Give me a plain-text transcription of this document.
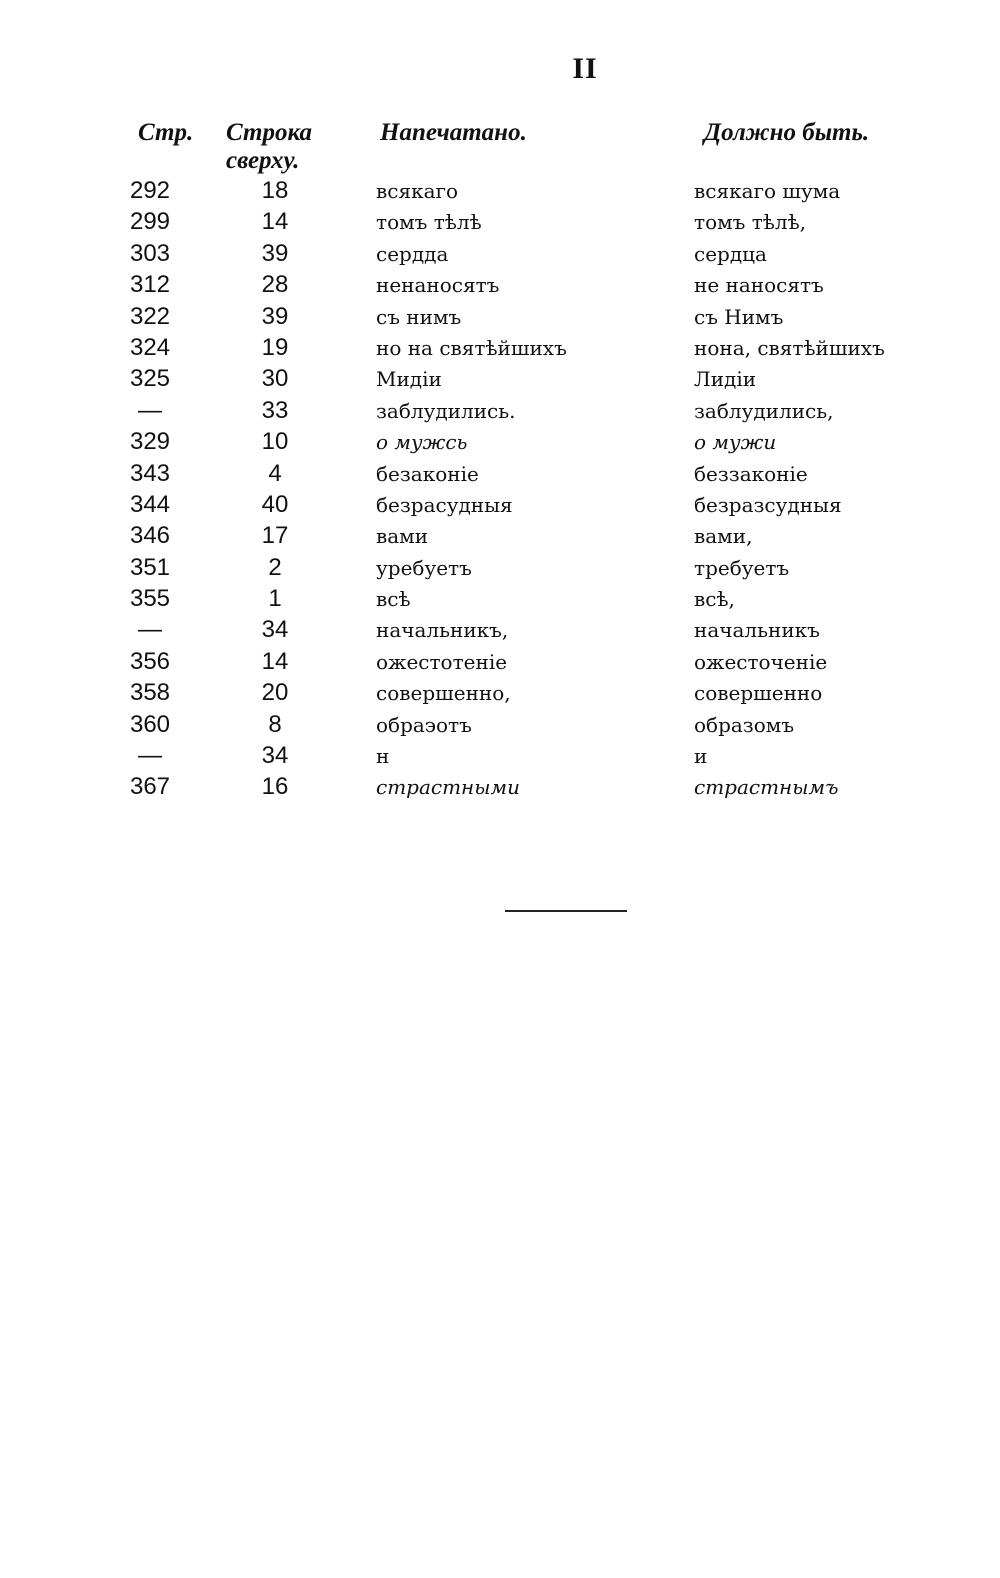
II
Стр. Строка
сверху.
Напечатано.	Должно быть.
292	18	всякаго	всякаго шума
299	14	томъ тѣлѣ	томъ тѣлѣ,
303	39	сердда	сердца
312	28	ненаносятъ	не наносятъ
322	39	съ нимъ	съ Нимъ
324	19	но на святѣйшихъ	нона, святѣйшихъ
325	30	Мидіи	Лидіи
—	33	заблудились.	заблудились,
329	10	о мужсь	о мужи
343	4	безаконіе	беззаконіе
344	40	безрасудныя	безразсудныя
346	17	вами	вами,
351	2	уребуетъ	требуетъ
355	1	всѣ	всѣ,
—	34	начальникъ,	начальникъ
356	14	ожестотеніе	ожесточеніе
358	20	совершенно,	совершенно
360	8	обраэотъ	образомъ
—	34	н	и
367	16	страстными	страстнымъ
